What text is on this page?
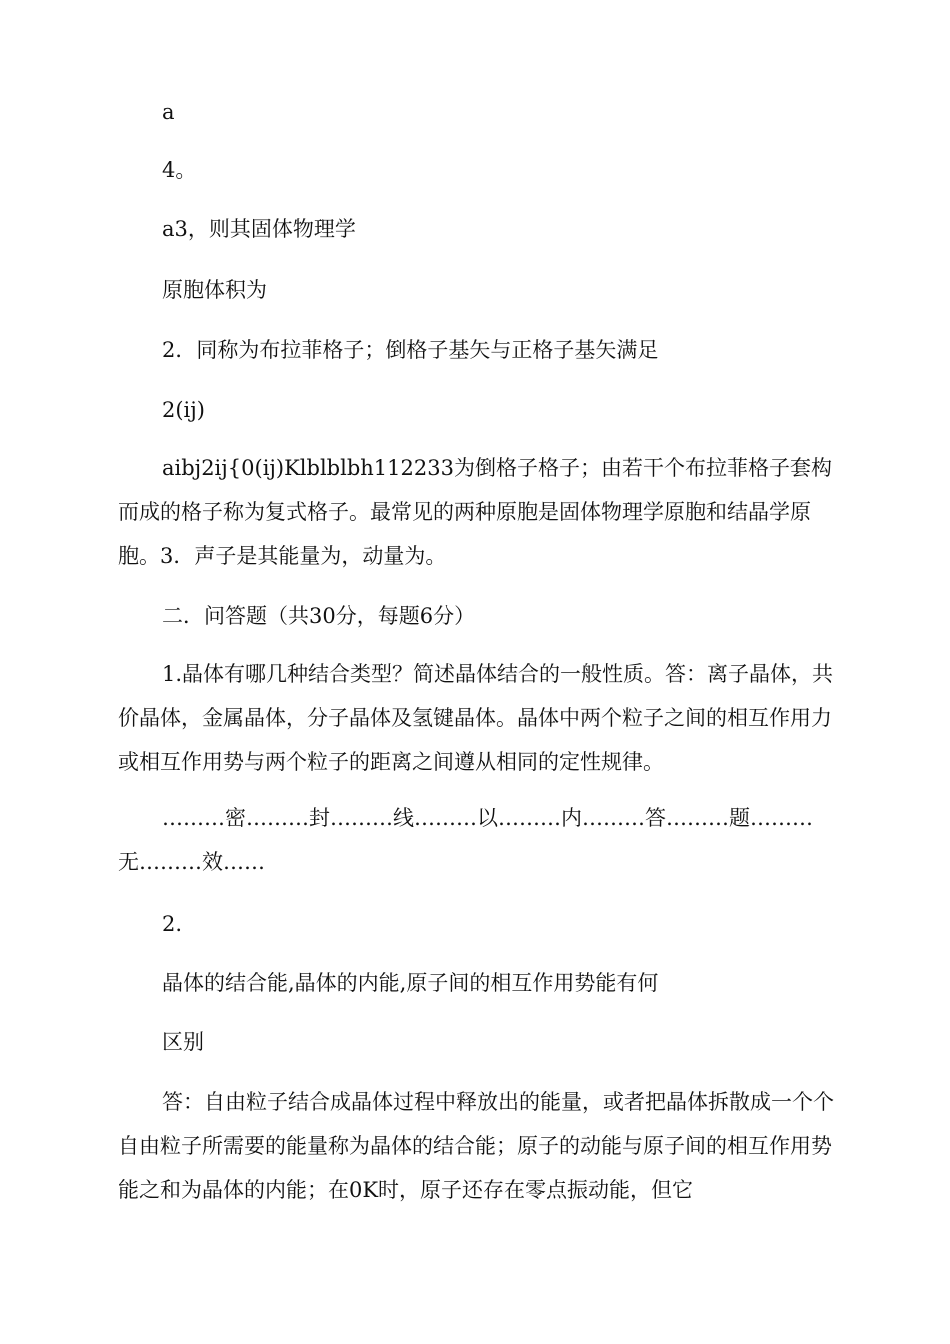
a

4。

a3，则其固体物理学

原胞体积为

2．同称为布拉菲格子；倒格子基矢与正格子基矢满足

2(ij)

aibj2ij{0(ij)Klblblbh112233为倒格子格子；由若干个布拉菲格子套构而成的格子称为复式格子。最常见的两种原胞是固体物理学原胞和结晶学原胞。3．声子是其能量为，动量为。

二．问答题（共30分，每题6分）

1.晶体有哪几种结合类型？简述晶体结合的一般性质。答：离子晶体，共价晶体，金属晶体，分子晶体及氢键晶体。晶体中两个粒子之间的相互作用力或相互作用势与两个粒子的距离之间遵从相同的定性规律。

………密………封………线………以………内………答………题………无………效……

2.

晶体的结合能,晶体的内能,原子间的相互作用势能有何

区别

答：自由粒子结合成晶体过程中释放出的能量，或者把晶体拆散成一个个自由粒子所需要的能量称为晶体的结合能；原子的动能与原子间的相互作用势能之和为晶体的内能；在0K时，原子还存在零点振动能，但它
